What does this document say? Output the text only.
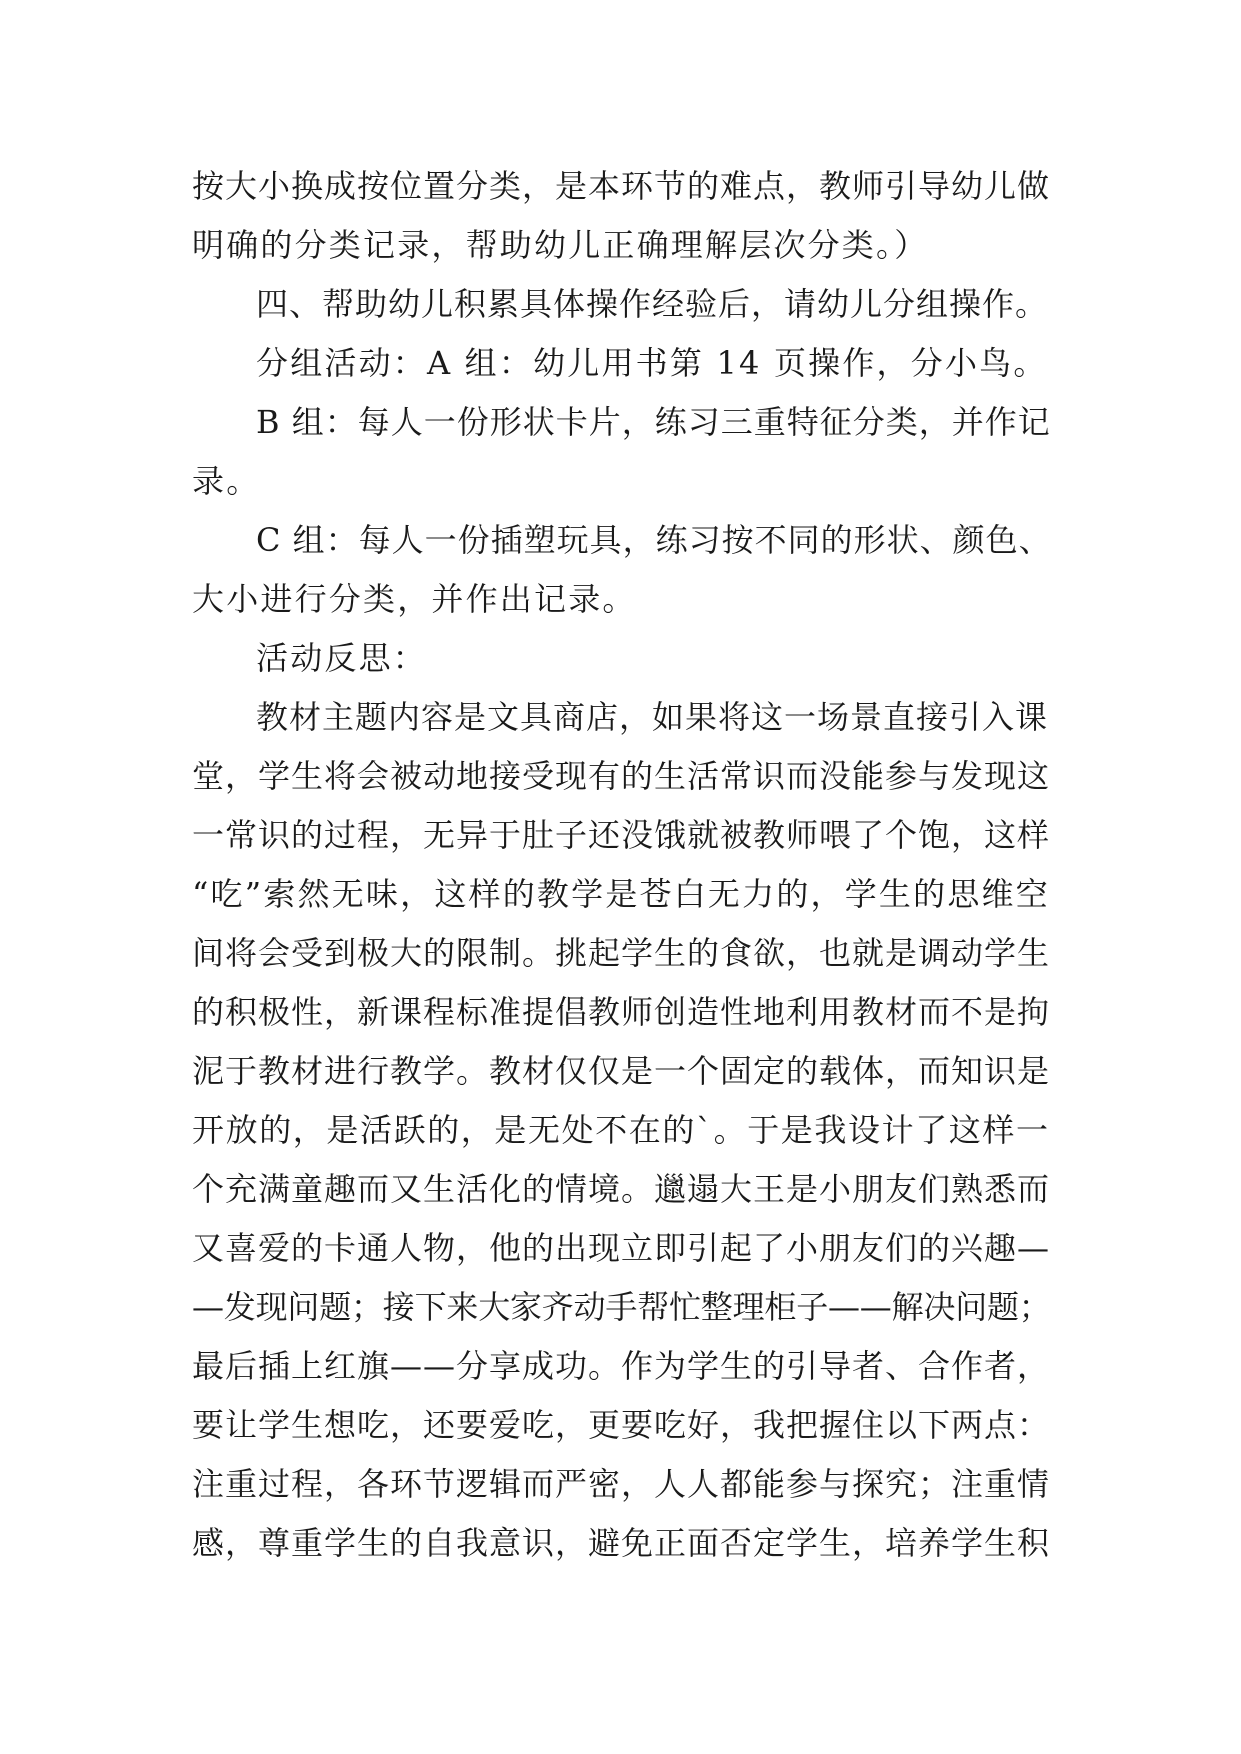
按大小换成按位置分类，是本环节的难点，教师引导幼儿做
明确的分类记录，帮助幼儿正确理解层次分类。）
四、帮助幼儿积累具体操作经验后，请幼儿分组操作。
分组活动：A 组：幼儿用书第 14 页操作，分小鸟。
B 组：每人一份形状卡片，练习三重特征分类，并作记
录。
C 组：每人一份插塑玩具，练习按不同的形状、颜色、
大小进行分类，并作出记录。
活动反思：
教材主题内容是文具商店，如果将这一场景直接引入课
堂，学生将会被动地接受现有的生活常识而没能参与发现这
一常识的过程，无异于肚子还没饿就被教师喂了个饱，这样
“吃”索然无味，这样的教学是苍白无力的，学生的思维空
间将会受到极大的限制。挑起学生的食欲，也就是调动学生
的积极性，新课程标准提倡教师创造性地利用教材而不是拘
泥于教材进行教学。教材仅仅是一个固定的载体，而知识是
开放的，是活跃的，是无处不在的`。于是我设计了这样一
个充满童趣而又生活化的情境。邋遢大王是小朋友们熟悉而
又喜爱的卡通人物，他的出现立即引起了小朋友们的兴趣—
—发现问题；接下来大家齐动手帮忙整理柜子——解决问题；
最后插上红旗——分享成功。作为学生的引导者、合作者，
要让学生想吃，还要爱吃，更要吃好，我把握住以下两点：
注重过程，各环节逻辑而严密，人人都能参与探究；注重情
感，尊重学生的自我意识，避免正面否定学生，培养学生积
